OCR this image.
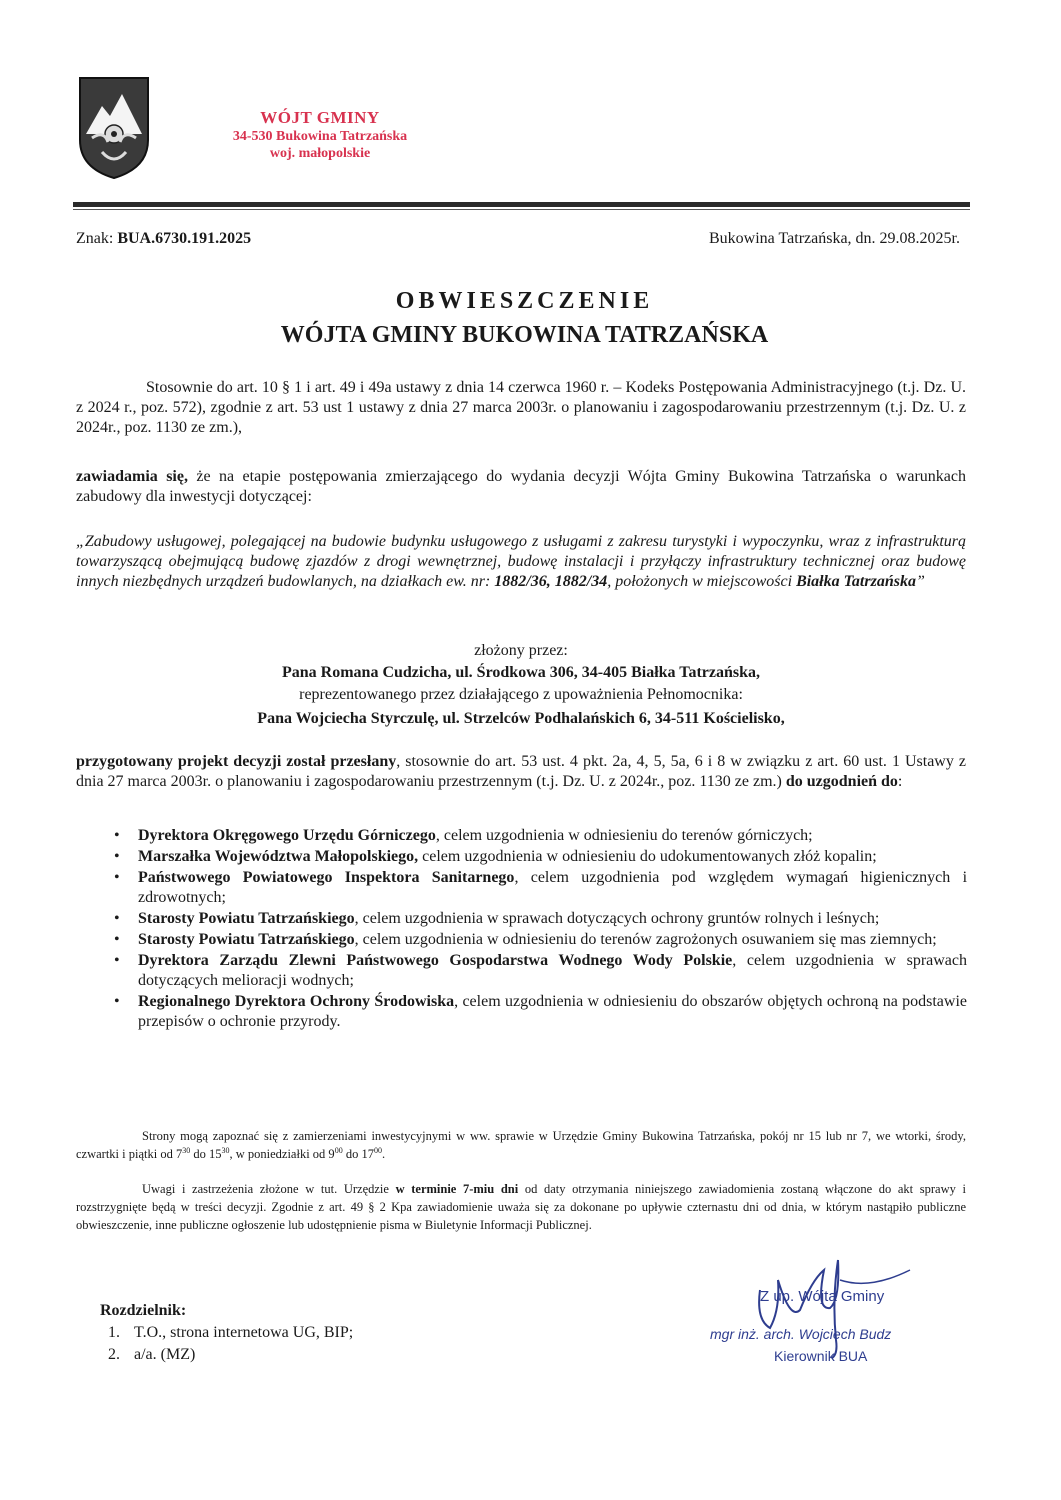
WÓJT GMINY
34-530 Bukowina Tatrzańska
woj. małopolskie
Znak: BUA.6730.191.2025	Bukowina Tatrzańska, dn. 29.08.2025r.
OBWIESZCZENIE
WÓJTA GMINY BUKOWINA TATRZAŃSKA

Stosownie do art. 10 § 1 i art. 49 i 49a ustawy z dnia 14 czerwca 1960 r. – Kodeks Postępowania Administracyjnego (t.j. Dz. U. z 2024 r., poz. 572), zgodnie z art. 53 ust 1 ustawy z dnia 27 marca 2003r. o planowaniu i zagospodarowaniu przestrzennym (t.j. Dz. U. z 2024r., poz. 1130 ze zm.),

zawiadamia się, że na etapie postępowania zmierzającego do wydania decyzji Wójta Gminy Bukowina Tatrzańska o warunkach zabudowy dla inwestycji dotyczącej:

„Zabudowy usługowej, polegającej na budowie budynku usługowego z usługami z zakresu turystyki i wypoczynku, wraz z infrastrukturą towarzyszącą obejmującą budowę zjazdów z drogi wewnętrznej, budowę instalacji i przyłączy infrastruktury technicznej oraz budowę innych niezbędnych urządzeń budowlanych, na działkach ew. nr: 1882/36, 1882/34, położonych w miejscowości Białka Tatrzańska”

złożony przez:
Pana Romana Cudzicha, ul. Środkowa 306, 34-405 Białka Tatrzańska,
reprezentowanego przez działającego z upoważnienia Pełnomocnika:
Pana Wojciecha Styrczulę, ul. Strzelców Podhalańskich 6, 34-511 Kościelisko,

przygotowany projekt decyzji został przesłany, stosownie do art. 53 ust. 4 pkt. 2a, 4, 5, 5a, 6 i 8 w związku z art. 60 ust. 1 Ustawy z dnia 27 marca 2003r. o planowaniu i zagospodarowaniu przestrzennym (t.j. Dz. U. z 2024r., poz. 1130 ze zm.) do uzgodnień do:

• Dyrektora Okręgowego Urzędu Górniczego, celem uzgodnienia w odniesieniu do terenów górniczych;
• Marszałka Województwa Małopolskiego, celem uzgodnienia w odniesieniu do udokumentowanych złóż kopalin;
• Państwowego Powiatowego Inspektora Sanitarnego, celem uzgodnienia pod względem wymagań higienicznych i zdrowotnych;
• Starosty Powiatu Tatrzańskiego, celem uzgodnienia w sprawach dotyczących ochrony gruntów rolnych i leśnych;
• Starosty Powiatu Tatrzańskiego, celem uzgodnienia w odniesieniu do terenów zagrożonych osuwaniem się mas ziemnych;
• Dyrektora Zarządu Zlewni Państwowego Gospodarstwa Wodnego Wody Polskie, celem uzgodnienia w sprawach dotyczących melioracji wodnych;
• Regionalnego Dyrektora Ochrony Środowiska, celem uzgodnienia w odniesieniu do obszarów objętych ochroną na podstawie przepisów o ochronie przyrody.

Strony mogą zapoznać się z zamierzeniami inwestycyjnymi w ww. sprawie w Urzędzie Gminy Bukowina Tatrzańska, pokój nr 15 lub nr 7, we wtorki, środy, czwartki i piątki od $7^{30}$ do $15^{30}$, w poniedziałki od $9^{00}$ do $17^{00}$.

Uwagi i zastrzeżenia złożone w tut. Urzędzie w terminie 7-miu dni od daty otrzymania niniejszego zawiadomienia zostaną włączone do akt sprawy i rozstrzygnięte będą w treści decyzji. Zgodnie z art. 49 § 2 Kpa zawiadomienie uważa się za dokonane po upływie czternastu dni od dnia, w którym nastąpiło publiczne obwieszczenie, inne publiczne ogłoszenie lub udostępnienie pisma w Biuletynie Informacji Publicznej.

Z up. Wójta Gminy
mgr inż. arch. Wojciech Budz
Kierownik BUA
Rozdzielnik:
1. T.O., strona internetowa UG, BIP;
2. a/a. (MZ)
